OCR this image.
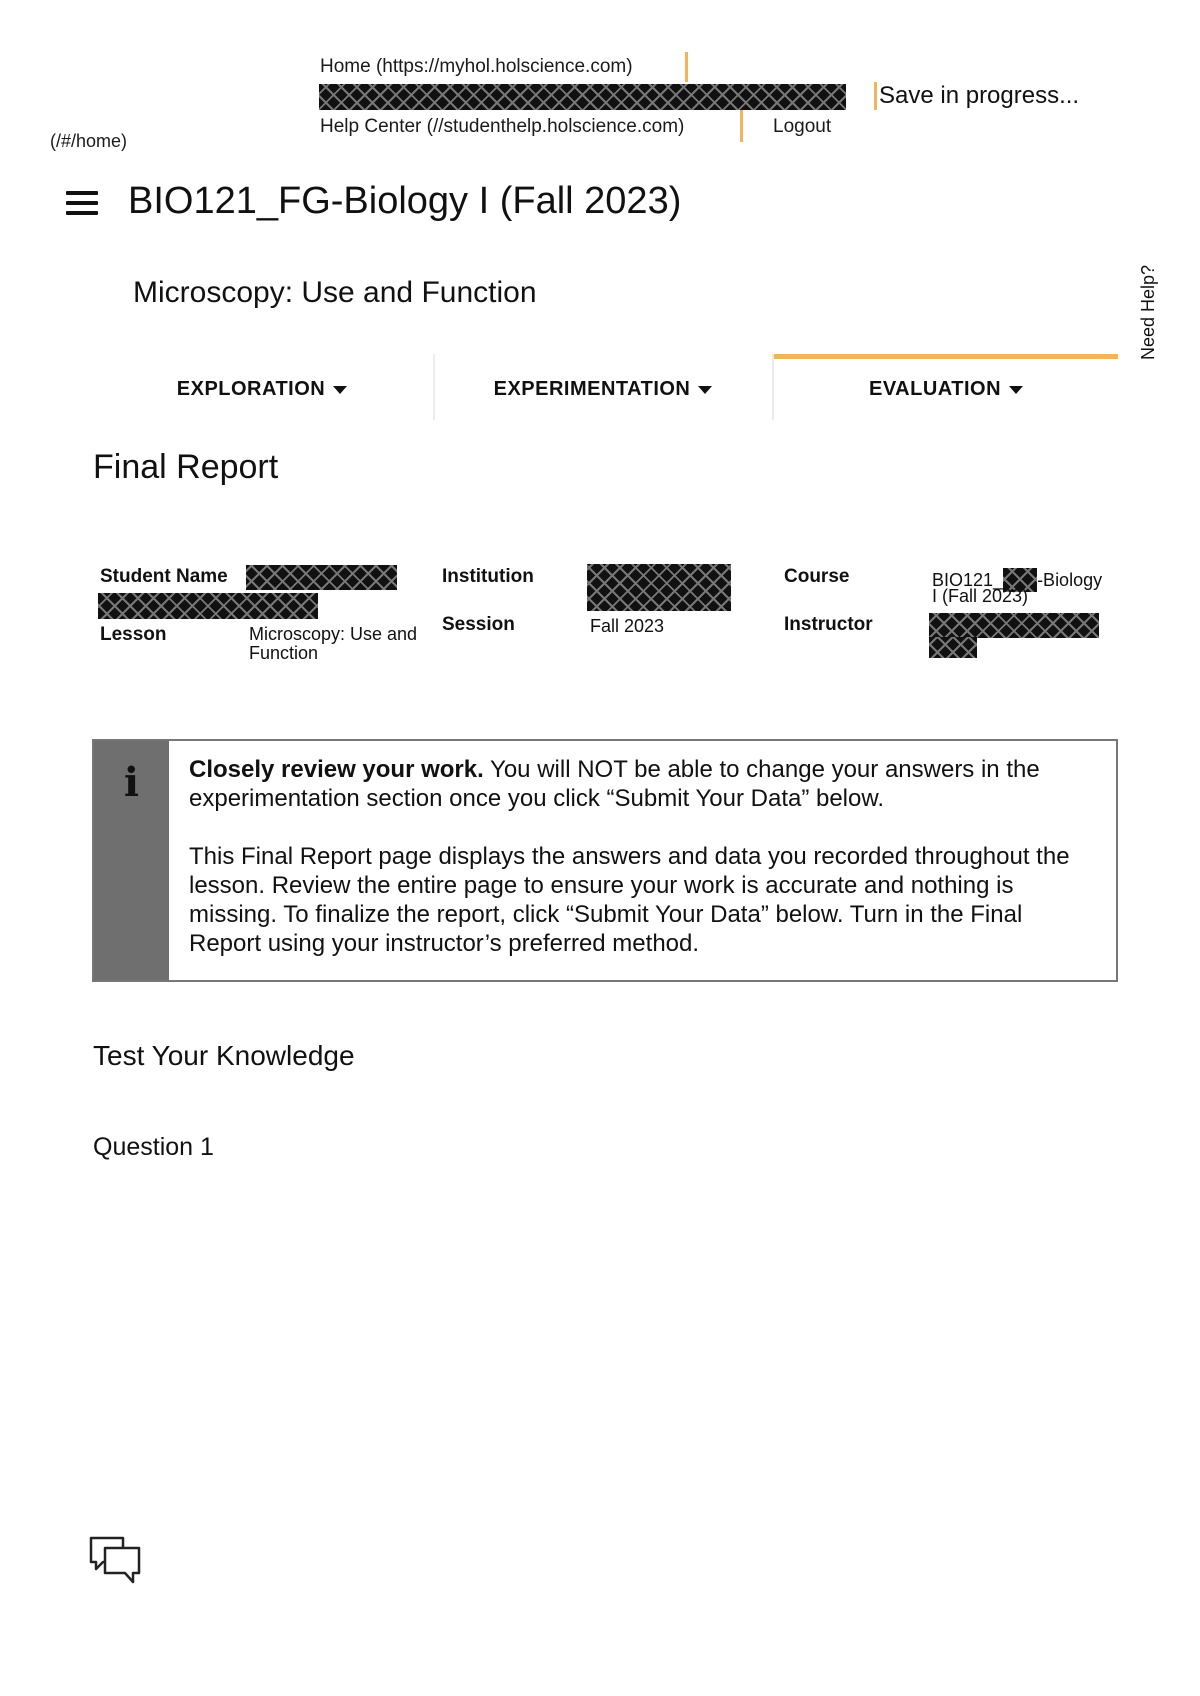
Home (https://myhol.holscience.com)
Save in progress...
Help Center (//studenthelp.holscience.com)	Logout
(/#/home)
BIO121_FG-Biology I (Fall 2023)
Microscopy: Use and Function	Need Help?
EXPLORATION	EXPERIMENTATION	EVALUATION
Final Report
Student Name
Lesson	Microscopy: Use and Function
Institution
Session	Fall 2023
Course	BIO121_ -Biology
I (Fall 2023)
Instructor
i Closely review your work. You will NOT be able to change your answers in the experimentation section once you click “Submit Your Data” below.

This Final Report page displays the answers and data you recorded throughout the lesson. Review the entire page to ensure your work is accurate and nothing is missing. To finalize the report, click “Submit Your Data” below. Turn in the Final Report using your instructor’s preferred method.

Test Your Knowledge
Question 1
